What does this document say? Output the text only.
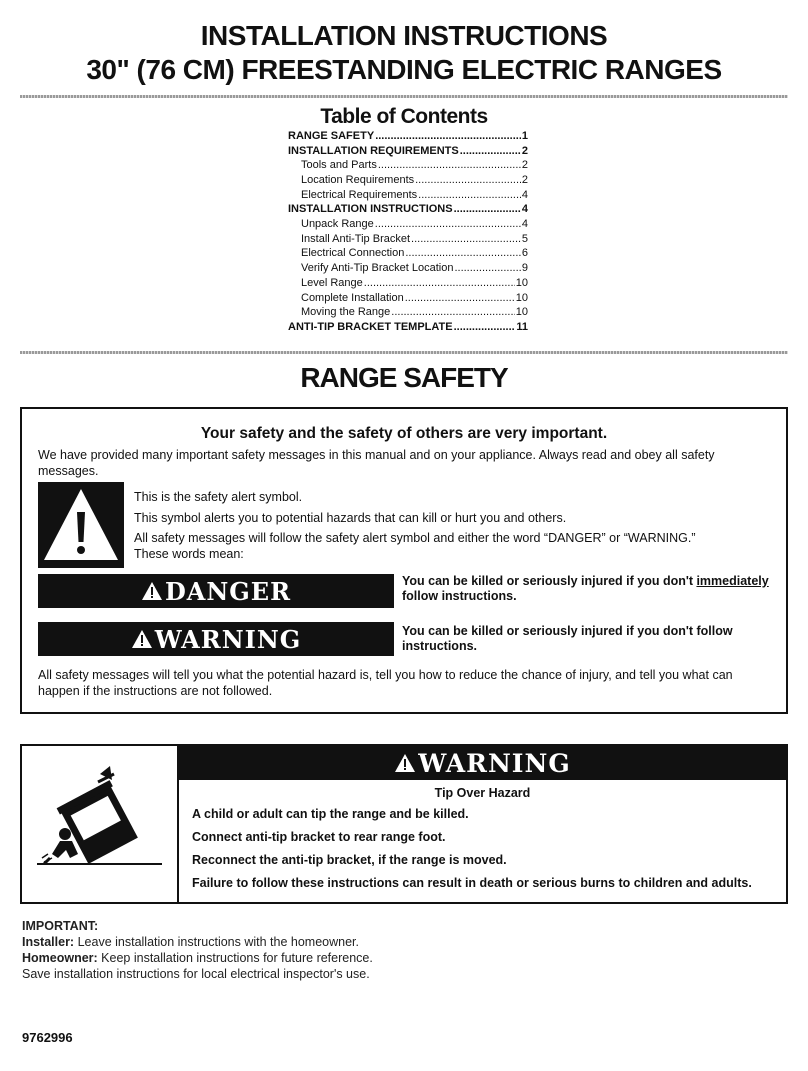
INSTALLATION INSTRUCTIONS
30" (76 CM) FREESTANDING ELECTRIC RANGES
Table of Contents
RANGE SAFETY .....	1
INSTALLATION REQUIREMENTS .....	2
Tools and Parts .....	2
Location Requirements .....	2
Electrical Requirements .....	4
INSTALLATION INSTRUCTIONS .....	4
Unpack Range .....	4
Install Anti-Tip Bracket .....	5
Electrical Connection .....	6
Verify Anti-Tip Bracket Location .....	9
Level Range .....	10
Complete Installation .....	10
Moving the Range .....	10
ANTI-TIP BRACKET TEMPLATE .....	11
RANGE SAFETY
Your safety and the safety of others are very important.
We have provided many important safety messages in this manual and on your appliance. Always read and obey all safety messages.
This is the safety alert symbol.
This symbol alerts you to potential hazards that can kill or hurt you and others.
All safety messages will follow the safety alert symbol and either the word “DANGER” or “WARNING.”
These words mean:
DANGER	You can be killed or seriously injured if you don't immediately
follow instructions.
WARNING	You can be killed or seriously injured if you don't follow instructions.
All safety messages will tell you what the potential hazard is, tell you how to reduce the chance of injury, and tell you what can happen if the instructions are not followed.
WARNING
Tip Over Hazard
A child or adult can tip the range and be killed.
Connect anti-tip bracket to rear range foot.
Reconnect the anti-tip bracket, if the range is moved.
Failure to follow these instructions can result in death or serious burns to children and adults.
IMPORTANT:
Installer: Leave installation instructions with the homeowner.
Homeowner: Keep installation instructions for future reference.
Save installation instructions for local electrical inspector's use.
9762996
